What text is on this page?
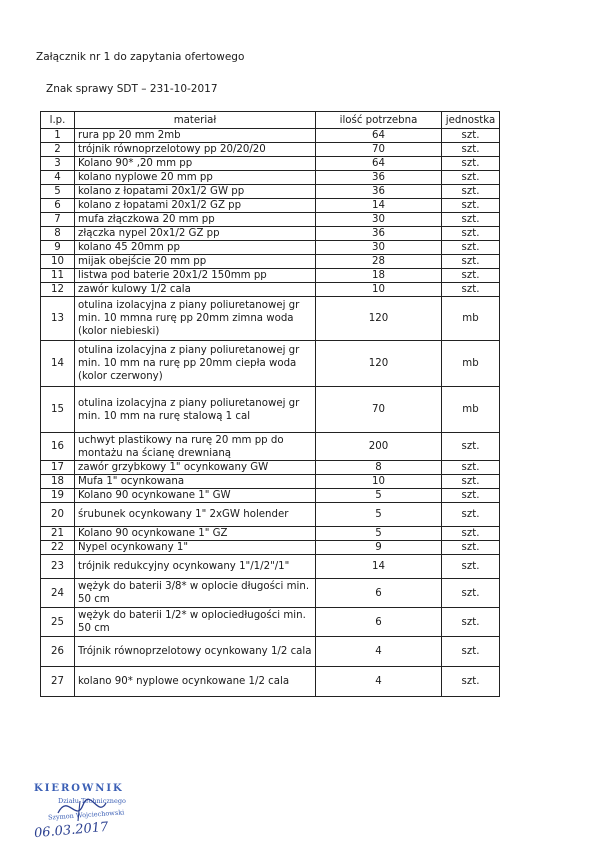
Załącznik nr 1 do zapytania ofertowego
Znak sprawy SDT – 231-10-2017
l.p.	materiał	ilość potrzebna	jednostka
1	rura pp 20 mm 2mb	64	szt.
2	trójnik równoprzelotowy pp 20/20/20	70	szt.
3	Kolano 90* ,20 mm pp	64	szt.
4	kolano nyplowe 20 mm pp	36	szt.
5	kolano z łopatami 20x1/2 GW pp	36	szt.
6	kolano z łopatami 20x1/2 GZ pp	14	szt.
7	mufa złączkowa 20 mm pp	30	szt.
8	złączka nypel 20x1/2 GZ pp	36	szt.
9	kolano 45 20mm pp	30	szt.
10	mijak obejście 20 mm pp	28	szt.
11	listwa pod baterie 20x1/2 150mm pp	18	szt.
12	zawór kulowy 1/2 cala	10	szt.
13	otulina izolacyjna z piany poliuretanowej gr min. 10 mmna rurę pp 20mm zimna woda (kolor niebieski)	120	mb
14	otulina izolacyjna z piany poliuretanowej gr min. 10 mm na rurę pp 20mm ciepła woda (kolor czerwony)	120	mb
15	otulina izolacyjna z piany poliuretanowej gr min. 10 mm na rurę stalową 1 cal	70	mb
16	uchwyt plastikowy na rurę 20 mm pp do montażu na ścianę drewnianą	200	szt.
17	zawór grzybkowy 1" ocynkowany GW	8	szt.
18	Mufa 1" ocynkowana	10	szt.
19	Kolano 90 ocynkowane 1" GW	5	szt.
20	śrubunek ocynkowany 1" 2xGW holender	5	szt.
21	Kolano 90 ocynkowane 1" GZ	5	szt.
22	Nypel ocynkowany 1"	9	szt.
23	trójnik redukcyjny ocynkowany 1"/1/2"/1"	14	szt.
24	wężyk do baterii 3/8* w oplocie długości min. 50 cm	6	szt.
25	wężyk do baterii 1/2* w oplociedługości min. 50 cm	6	szt.
26	Trójnik równoprzelotowy ocynkowany 1/2 cala	4	szt.
27	kolano 90* nyplowe ocynkowane 1/2 cala	4	szt.
KIEROWNIK
Działu Technicznego
Szymon Wojciechowski
06.03.2017
